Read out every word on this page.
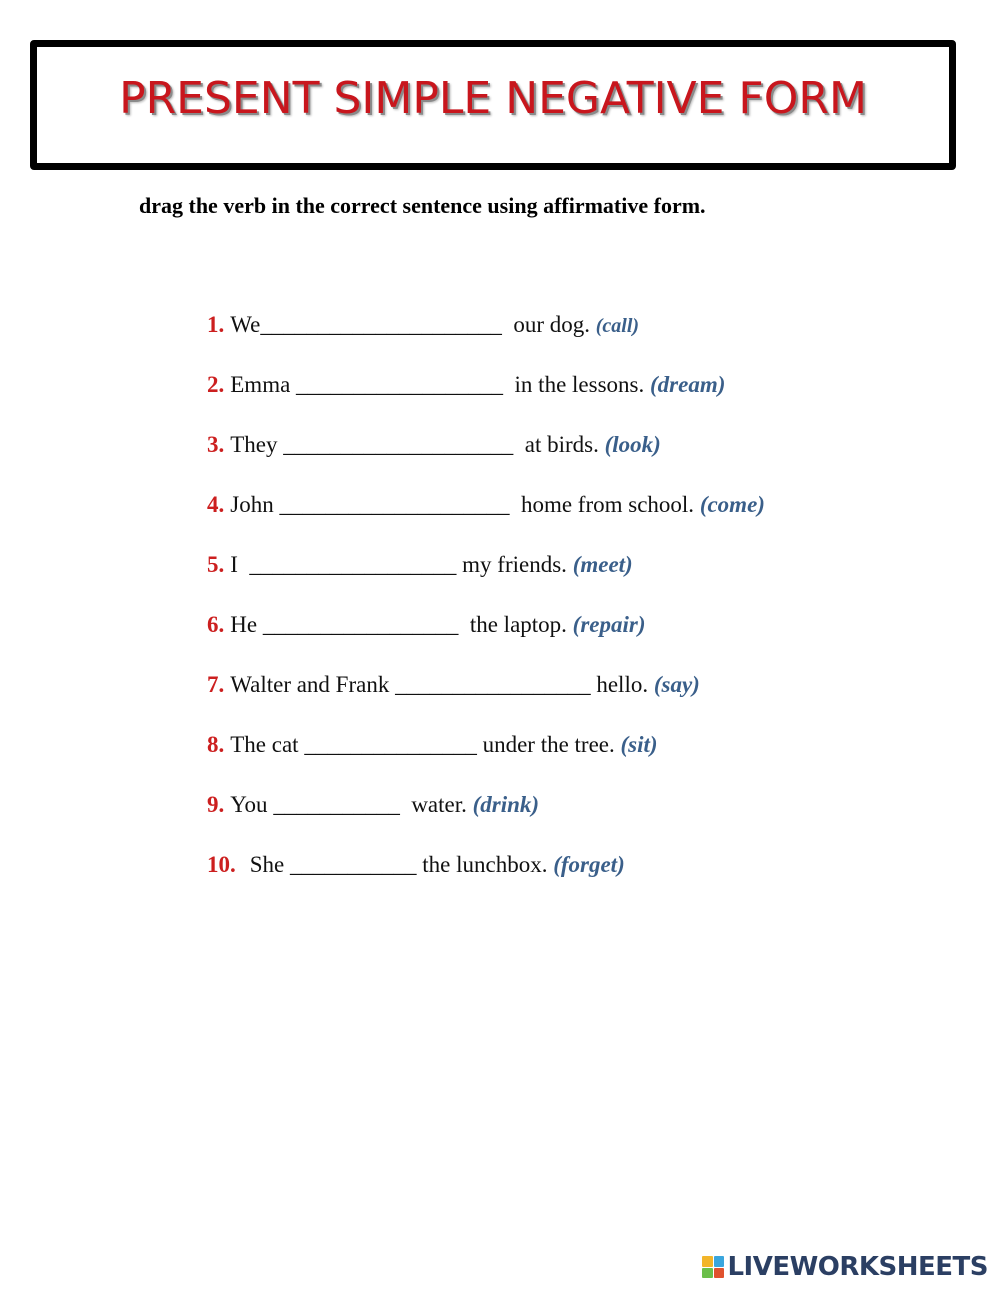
PRESENT SIMPLE NEGATIVE FORM
drag the verb in the correct sentence using affirmative form.
1. We_____________________  our dog. (call)
2. Emma __________________  in the lessons. (dream)
3. They ____________________  at birds. (look)
4. John ____________________  home from school. (come)
5. I  __________________ my friends. (meet)
6. He _________________  the laptop. (repair)
7. Walter and Frank _________________ hello. (say)
8. The cat _______________ under the tree. (sit)
9. You ___________  water. (drink)
10. She ___________ the lunchbox. (forget)
LIVEWORKSHEETS
